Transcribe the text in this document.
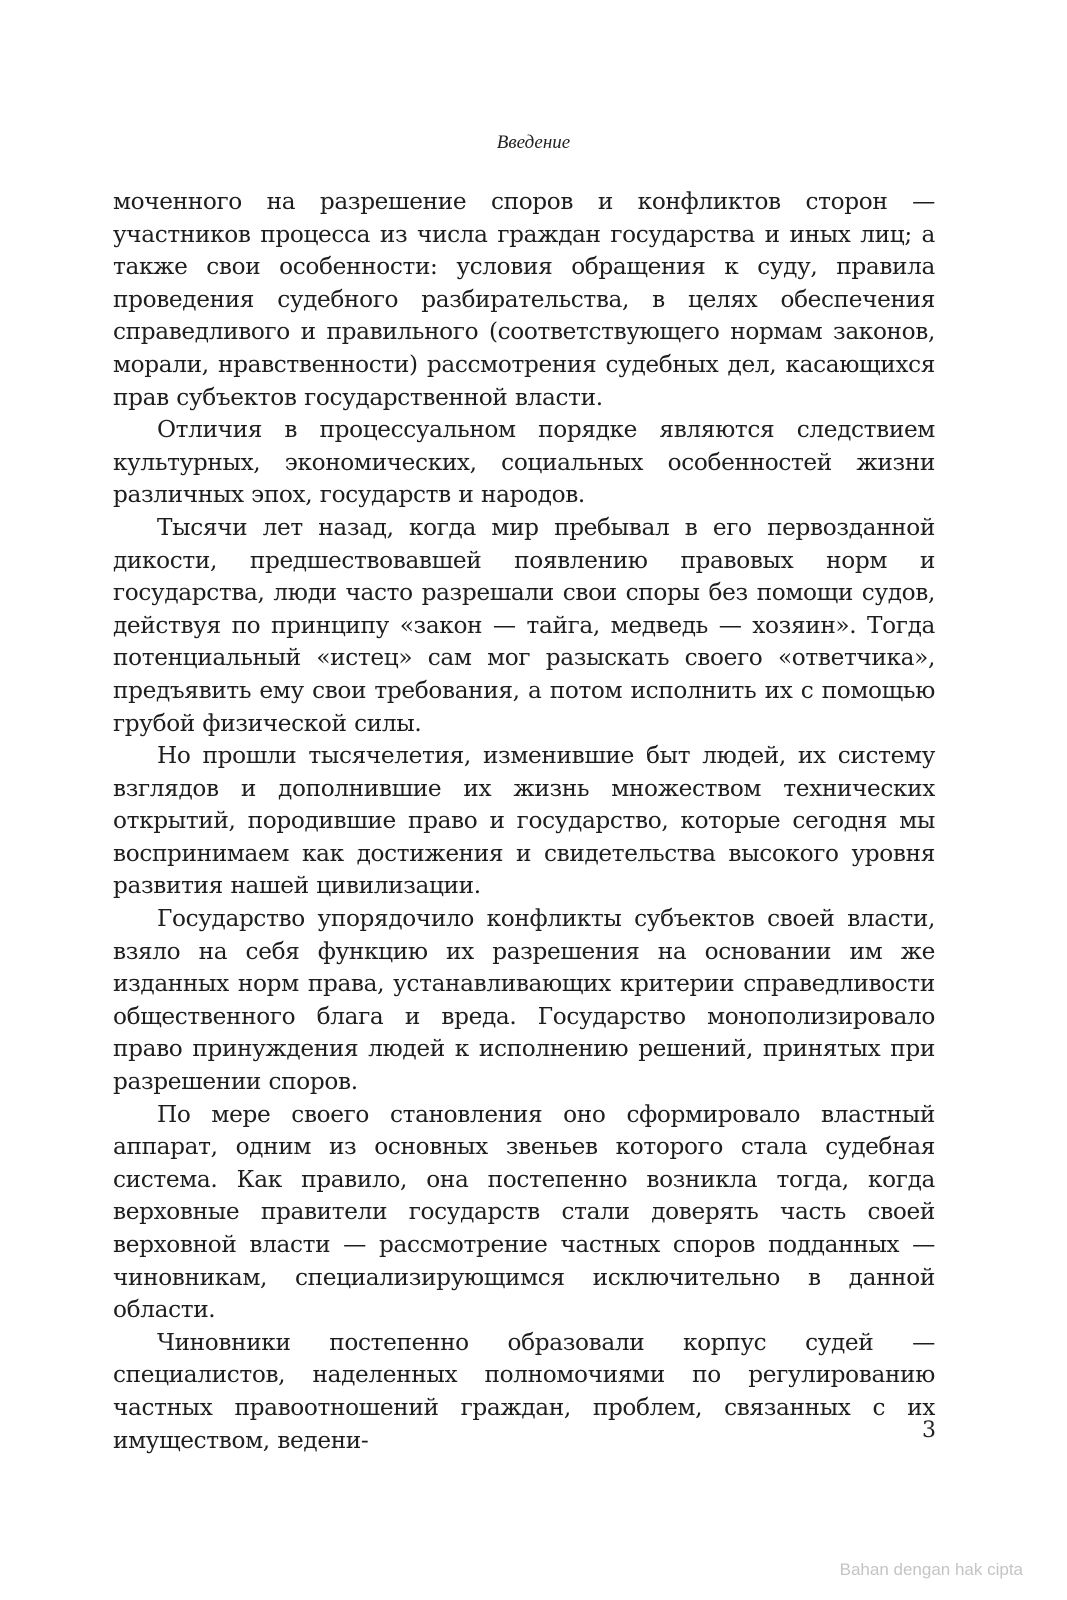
Введение

моченного на разрешение споров и конфликтов сторон — участников процесса из числа граждан государства и иных лиц; а также свои особенности: условия обращения к суду, правила проведения судебного разбирательства, в целях обеспечения справедливого и правильного (соответствующего нормам законов, морали, нравственности) рассмотрения судебных дел, касающихся прав субъектов государственной власти.

Отличия в процессуальном порядке являются следствием культурных, экономических, социальных особенностей жизни различных эпох, государств и народов.

Тысячи лет назад, когда мир пребывал в его первозданной дикости, предшествовавшей появлению правовых норм и государства, люди часто разрешали свои споры без помощи судов, действуя по принципу «закон — тайга, медведь — хозяин». Тогда потенциальный «истец» сам мог разыскать своего «ответчика», предъявить ему свои требования, а потом исполнить их с помощью грубой физической силы.

Но прошли тысячелетия, изменившие быт людей, их систему взглядов и дополнившие их жизнь множеством технических открытий, породившие право и государство, которые сегодня мы воспринимаем как достижения и свидетельства высокого уровня развития нашей цивилизации.

Государство упорядочило конфликты субъектов своей власти, взяло на себя функцию их разрешения на основании им же изданных норм права, устанавливающих критерии справедливости общественного блага и вреда. Государство монополизировало право принуждения людей к исполнению решений, принятых при разрешении споров.

По мере своего становления оно сформировало властный аппарат, одним из основных звеньев которого стала судебная система. Как правило, она постепенно возникла тогда, когда верховные правители государств стали доверять часть своей верховной власти — рассмотрение частных споров подданных — чиновникам, специализирующимся исключительно в данной области.

Чиновники постепенно образовали корпус судей — специалистов, наделенных полномочиями по регулированию частных правоотношений граждан, проблем, связанных с их имуществом, ведени-	3
Bahan dengan hak cipta
